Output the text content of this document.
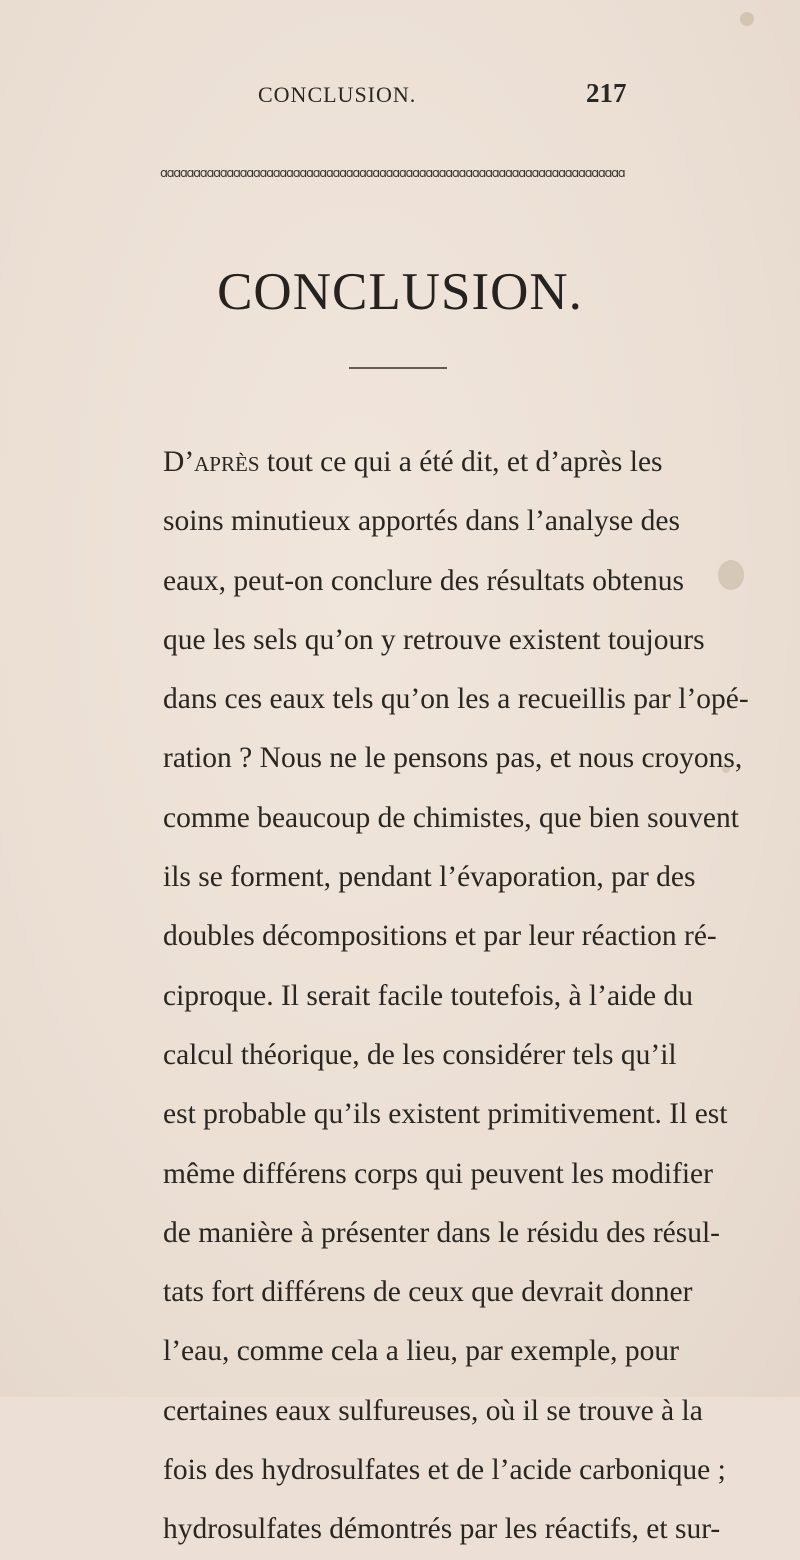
CONCLUSION.	217
ɑɑɑɑɑɑɑɑɑɑɑɑɑɑɑɑɑɑɑɑɑɑɑɑɑɑɑɑɑɑɑɑɑɑɑɑɑɑɑɑɑɑɑɑɑɑɑɑɑɑɑɑɑɑɑɑɑɑɑɑɑɑɑɑɑɑɑɑɑɑ
CONCLUSION.
D’après tout ce qui a été dit, et d’après les
soins minutieux apportés dans l’analyse des
eaux, peut-on conclure des résultats obtenus
que les sels qu’on y retrouve existent toujours
dans ces eaux tels qu’on les a recueillis par l’opé-
ration ? Nous ne le pensons pas, et nous croyons,
comme beaucoup de chimistes, que bien souvent
ils se forment, pendant l’évaporation, par des
doubles décompositions et par leur réaction ré-
ciproque. Il serait facile toutefois, à l’aide du
calcul théorique, de les considérer tels qu’il
est probable qu’ils existent primitivement. Il est
même différens corps qui peuvent les modifier
de manière à présenter dans le résidu des résul-
tats fort différens de ceux que devrait donner
l’eau, comme cela a lieu, par exemple, pour
certaines eaux sulfureuses, où il se trouve à la
fois des hydrosulfates et de l’acide carbonique ;
hydrosulfates démontrés par les réactifs, et sur-
